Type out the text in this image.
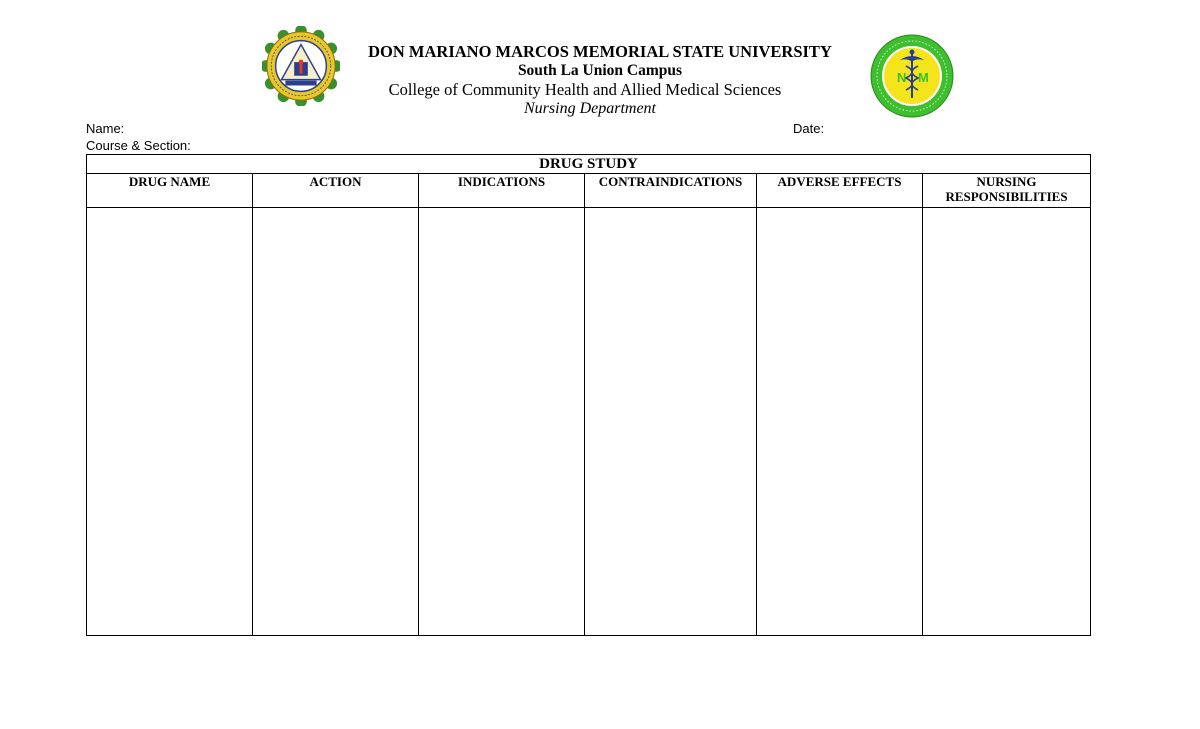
DON MARIANO MARCOS MEMORIAL STATE UNIVERSITY
South La Union Campus
College of Community Health and Allied Medical Sciences
Nursing Department
N M
Name:	Date:
Course & Section:
DRUG STUDY					
DRUG NAME	ACTION	INDICATIONS	CONTRAINDICATIONS	ADVERSE EFFECTS	NURSING RESPONSIBILITIES
